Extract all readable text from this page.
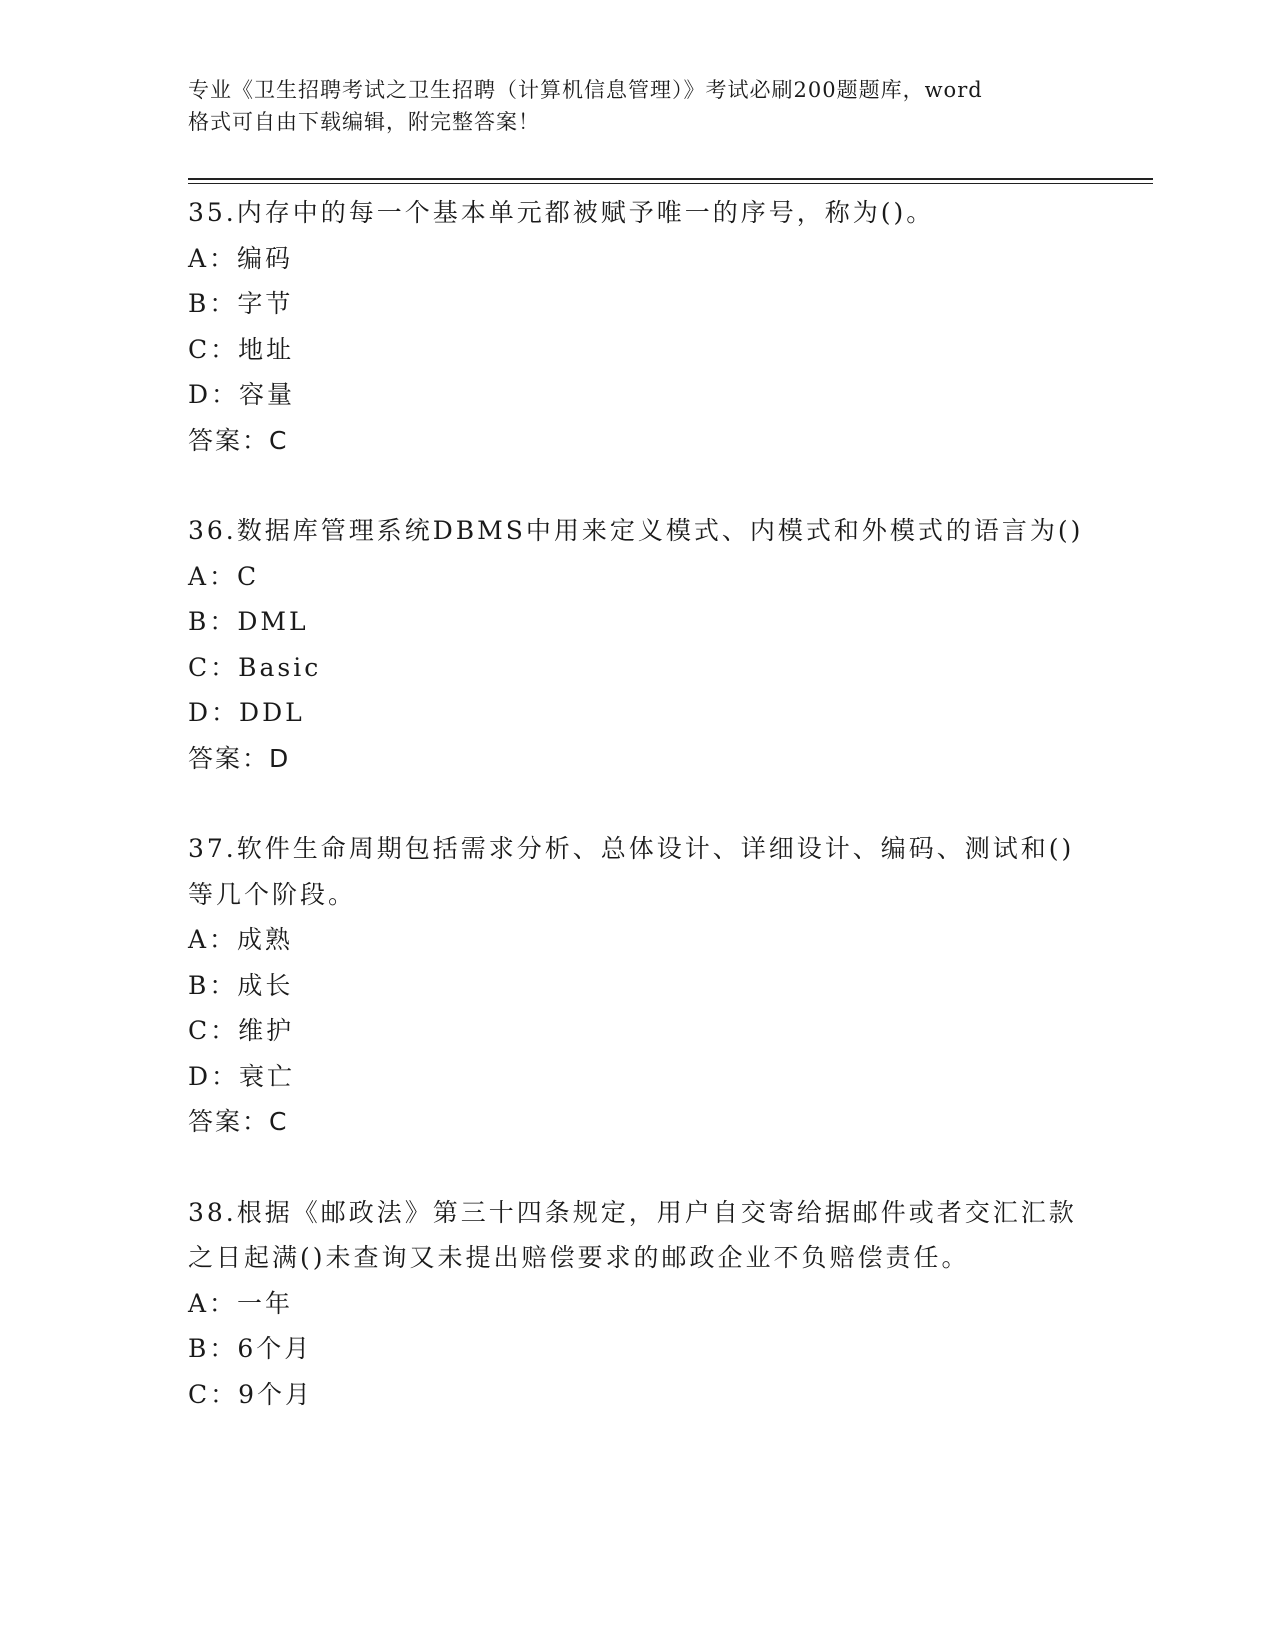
专业《卫生招聘考试之卫生招聘（计算机信息管理）》考试必刷200题题库，word
格式可自由下载编辑，附完整答案！

35.内存中的每一个基本单元都被赋予唯一的序号，称为()。

A：编码

B：字节

C：地址

D：容量

答案：C

36.数据库管理系统DBMS中用来定义模式、内模式和外模式的语言为()

A：C

B：DML

C：Basic

D：DDL

答案：D

37.软件生命周期包括需求分析、总体设计、详细设计、编码、测试和()等几个阶段。

A：成熟

B：成长

C：维护

D：衰亡

答案：C

38.根据《邮政法》第三十四条规定，用户自交寄给据邮件或者交汇汇款之日起满()未查询又未提出赔偿要求的邮政企业不负赔偿责任。

A：一年

B：6个月

C：9个月
